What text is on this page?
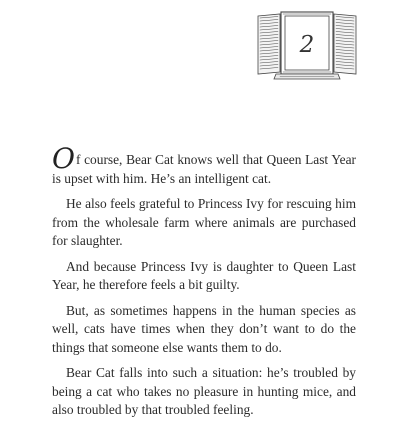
2

Of course, Bear Cat knows well that Queen Last Year is upset with him. He’s an intelligent cat.

He also feels grateful to Princess Ivy for rescuing him from the wholesale farm where animals are purchased for slaughter.

And because Princess Ivy is daughter to Queen Last Year, he therefore feels a bit guilty.

But, as sometimes happens in the human species as well, cats have times when they don’t want to do the things that someone else wants them to do.

Bear Cat falls into such a situation: he’s troubled by being a cat who takes no pleasure in hunting mice, and also troubled by that troubled feeling.
